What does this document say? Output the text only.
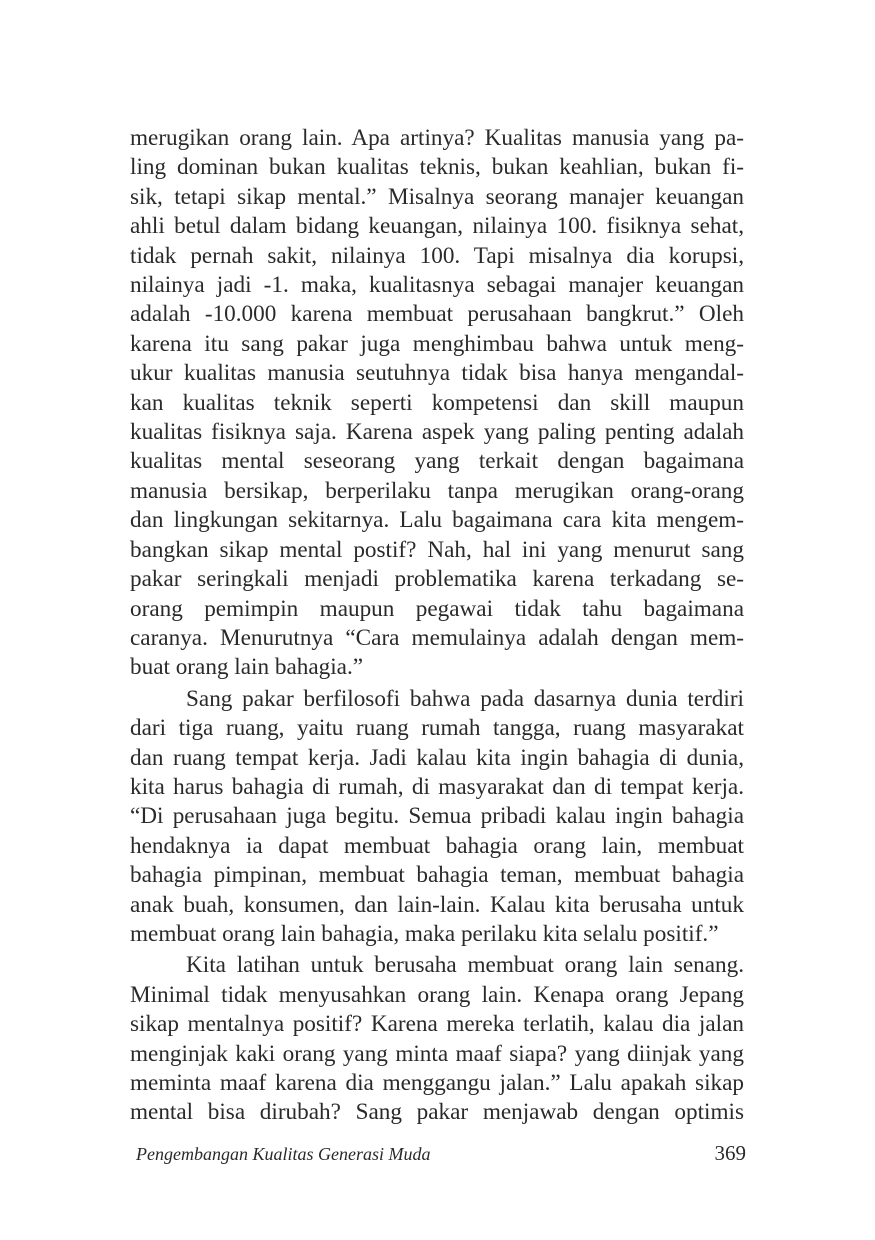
merugikan orang lain. Apa artinya? Kualitas manusia yang pa-
ling dominan bukan kualitas teknis, bukan keahlian, bukan fi-
sik, tetapi sikap mental.” Misalnya seorang manajer keuangan
ahli betul dalam bidang keuangan, nilainya 100. fisiknya sehat,
tidak pernah sakit, nilainya 100. Tapi misalnya dia korupsi,
nilainya jadi -1. maka, kualitasnya sebagai manajer keuangan
adalah -10.000 karena membuat perusahaan bangkrut.” Oleh
karena itu sang pakar juga menghimbau bahwa untuk meng-
ukur kualitas manusia seutuhnya tidak bisa hanya mengandal-
kan kualitas teknik seperti kompetensi dan skill maupun
kualitas fisiknya saja. Karena aspek yang paling penting adalah
kualitas mental seseorang yang terkait dengan bagaimana
manusia bersikap, berperilaku tanpa merugikan orang-orang
dan lingkungan sekitarnya. Lalu bagaimana cara kita mengem-
bangkan sikap mental postif? Nah, hal ini yang menurut sang
pakar seringkali menjadi problematika karena terkadang se-
orang pemimpin maupun pegawai tidak tahu bagaimana
caranya. Menurutnya “Cara memulainya adalah dengan mem-
buat orang lain bahagia.”

Sang pakar berfilosofi bahwa pada dasarnya dunia terdiri
dari tiga ruang, yaitu ruang rumah tangga, ruang masyarakat
dan ruang tempat kerja. Jadi kalau kita ingin bahagia di dunia,
kita harus bahagia di rumah, di masyarakat dan di tempat kerja.
“Di perusahaan juga begitu. Semua pribadi kalau ingin bahagia
hendaknya ia dapat membuat bahagia orang lain, membuat
bahagia pimpinan, membuat bahagia teman, membuat bahagia
anak buah, konsumen, dan lain-lain. Kalau kita berusaha untuk
membuat orang lain bahagia, maka perilaku kita selalu positif.”

Kita latihan untuk berusaha membuat orang lain senang.
Minimal tidak menyusahkan orang lain. Kenapa orang Jepang
sikap mentalnya positif? Karena mereka terlatih, kalau dia jalan
menginjak kaki orang yang minta maaf siapa? yang diinjak yang
meminta maaf karena dia menggangu jalan.” Lalu apakah sikap
mental bisa dirubah? Sang pakar menjawab dengan optimis

Pengembangan Kualitas Generasi Muda	369
